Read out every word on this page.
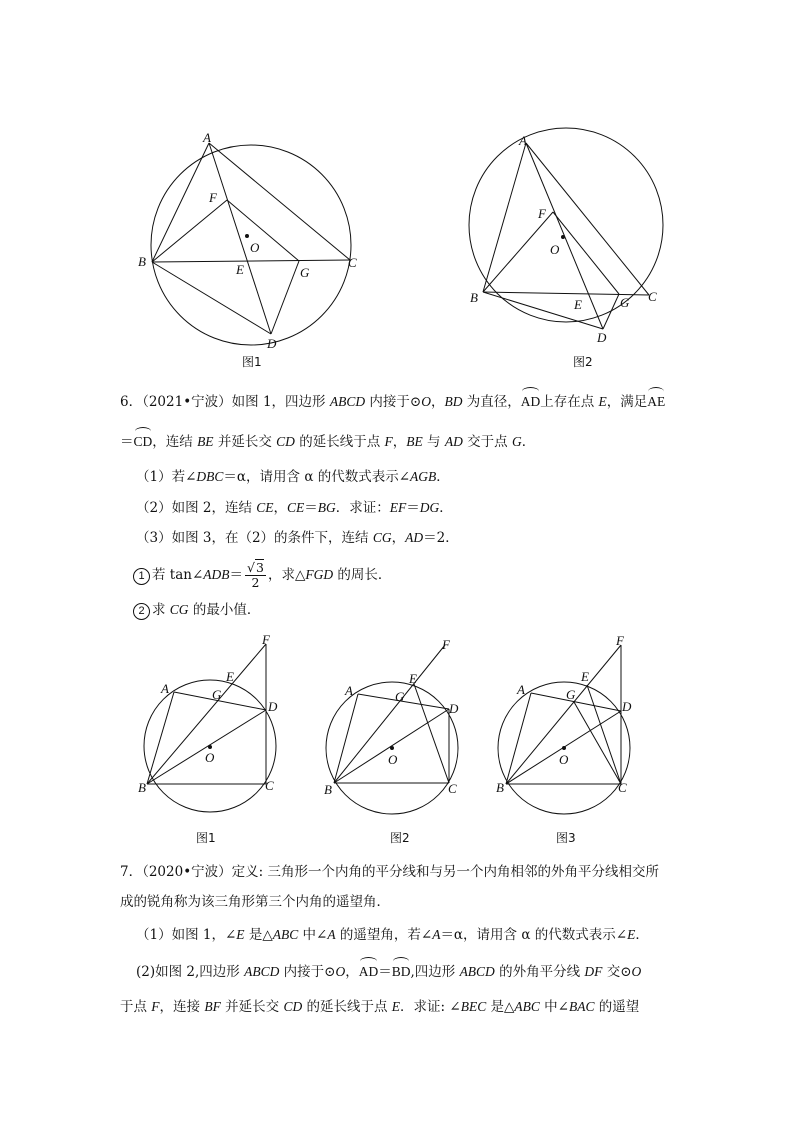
A
B	C
D
E
F
G
O
图1
A
B	C
D
E
F
G
O
图2
6．（2021•宁波）如图 1，四边形 ABCD 内接于⊙O，BD 为直径，AD上存在点 E，满足AE
＝CD，连结 BE 并延长交 CD 的延长线于点 F，BE 与 AD 交于点 G．
（1）若∠DBC＝α，请用含 α 的代数式表示∠AGB．
（2）如图 2，连结 CE，CE＝BG．求证：EF＝DG．
（3）如图 3，在（2）的条件下，连结 CG，AD＝2．
1 若 tan∠ADB＝ $\frac{√3}{2}$ ，求△FGD 的周长．
2 求 CG 的最小值．
A
B	C
D
E
F
G
O
图1
A
B	C
D
E
F
G
O
图2
A
B	C
D
E
F
G
O
图3
7．（2020•宁波）定义: 三角形一个内角的平分线和与另一个内角相邻的外角平分线相交所
成的锐角称为该三角形第三个内角的遥望角．
（1）如图 1，∠E 是△ABC 中∠A 的遥望角，若∠A＝α，请用含 α 的代数式表示∠E．
(2)如图 2,四边形 ABCD 内接于⊙O，AD＝BD,四边形 ABCD 的外角平分线 DF 交⊙O
于点 F，连接 BF 并延长交 CD 的延长线于点 E．求证: ∠BEC 是△ABC 中∠BAC 的遥望
